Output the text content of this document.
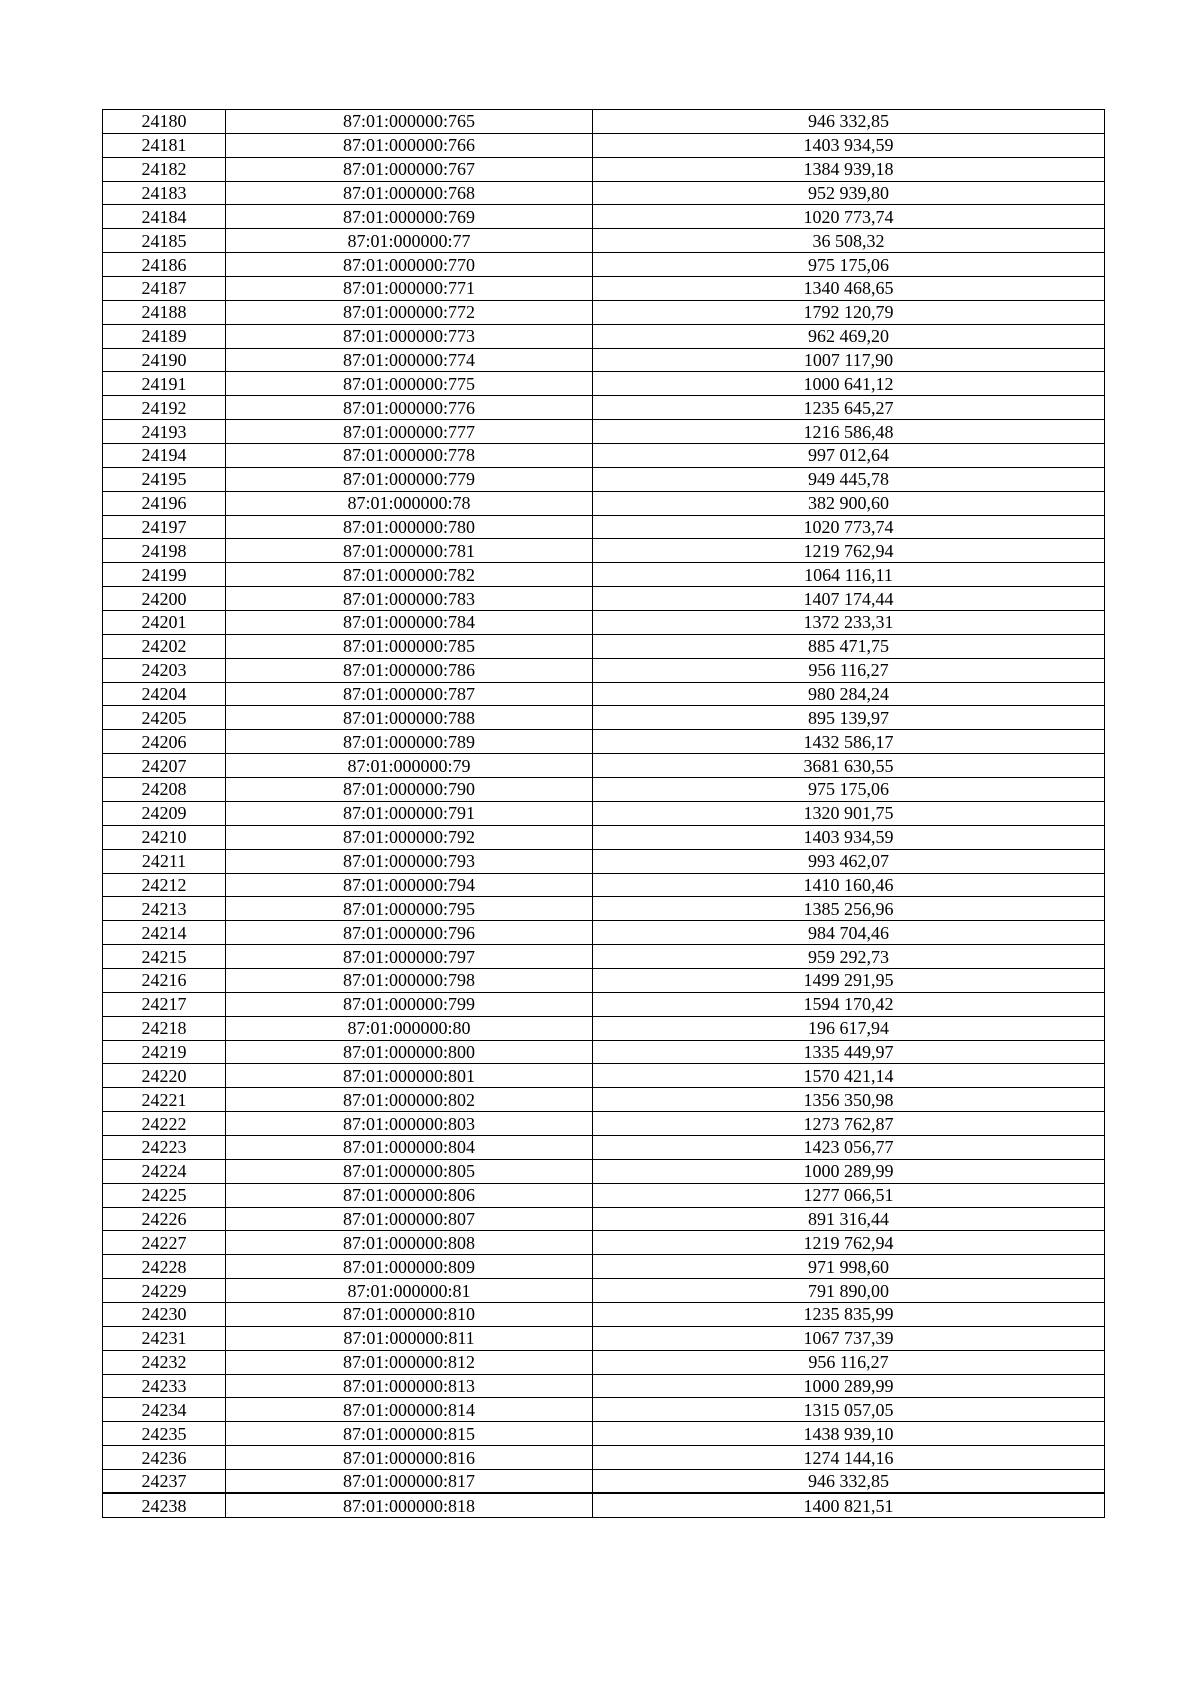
24180	87:01:000000:765	946 332,85
24181	87:01:000000:766	1403 934,59
24182	87:01:000000:767	1384 939,18
24183	87:01:000000:768	952 939,80
24184	87:01:000000:769	1020 773,74
24185	87:01:000000:77	36 508,32
24186	87:01:000000:770	975 175,06
24187	87:01:000000:771	1340 468,65
24188	87:01:000000:772	1792 120,79
24189	87:01:000000:773	962 469,20
24190	87:01:000000:774	1007 117,90
24191	87:01:000000:775	1000 641,12
24192	87:01:000000:776	1235 645,27
24193	87:01:000000:777	1216 586,48
24194	87:01:000000:778	997 012,64
24195	87:01:000000:779	949 445,78
24196	87:01:000000:78	382 900,60
24197	87:01:000000:780	1020 773,74
24198	87:01:000000:781	1219 762,94
24199	87:01:000000:782	1064 116,11
24200	87:01:000000:783	1407 174,44
24201	87:01:000000:784	1372 233,31
24202	87:01:000000:785	885 471,75
24203	87:01:000000:786	956 116,27
24204	87:01:000000:787	980 284,24
24205	87:01:000000:788	895 139,97
24206	87:01:000000:789	1432 586,17
24207	87:01:000000:79	3681 630,55
24208	87:01:000000:790	975 175,06
24209	87:01:000000:791	1320 901,75
24210	87:01:000000:792	1403 934,59
24211	87:01:000000:793	993 462,07
24212	87:01:000000:794	1410 160,46
24213	87:01:000000:795	1385 256,96
24214	87:01:000000:796	984 704,46
24215	87:01:000000:797	959 292,73
24216	87:01:000000:798	1499 291,95
24217	87:01:000000:799	1594 170,42
24218	87:01:000000:80	196 617,94
24219	87:01:000000:800	1335 449,97
24220	87:01:000000:801	1570 421,14
24221	87:01:000000:802	1356 350,98
24222	87:01:000000:803	1273 762,87
24223	87:01:000000:804	1423 056,77
24224	87:01:000000:805	1000 289,99
24225	87:01:000000:806	1277 066,51
24226	87:01:000000:807	891 316,44
24227	87:01:000000:808	1219 762,94
24228	87:01:000000:809	971 998,60
24229	87:01:000000:81	791 890,00
24230	87:01:000000:810	1235 835,99
24231	87:01:000000:811	1067 737,39
24232	87:01:000000:812	956 116,27
24233	87:01:000000:813	1000 289,99
24234	87:01:000000:814	1315 057,05
24235	87:01:000000:815	1438 939,10
24236	87:01:000000:816	1274 144,16
24237	87:01:000000:817	946 332,85
24238	87:01:000000:818	1400 821,51
